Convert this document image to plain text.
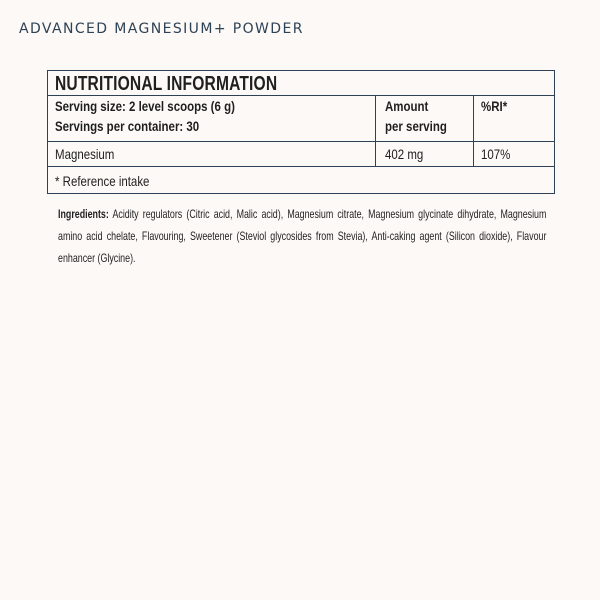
ADVANCED MAGNESIUM+ POWDER
NUTRITIONAL INFORMATION
Serving size: 2 level scoops (6 g)
Servings per container: 30
Amount
per serving
%RI*
Magnesium	402 mg	107%
* Reference intake
Ingredients: Acidity regulators (Citric acid, Malic acid), Magnesium citrate, Magnesium glycinate dihydrate, Magnesium amino acid chelate, Flavouring, Sweetener (Steviol glycosides from Stevia), Anti-caking agent (Silicon dioxide), Flavour enhancer (Glycine).
